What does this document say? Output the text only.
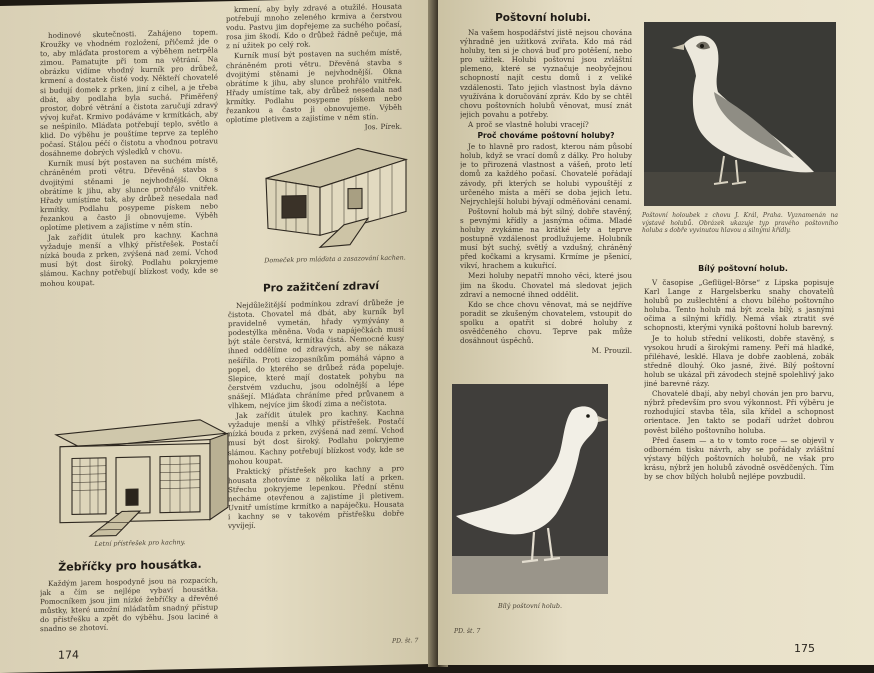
hodinové skutečnosti. Zahájeno topem. Kroužky ve vhodném rozložení, přičemž jde o to, aby mláďata prostorem a výběhem netrpěla zimou. Pamatujte při tom na větrání. Na obrázku vidíme vhodný kurník pro drůbež, krmení a dostatek čisté vody. Někteří chovatelé si budují domek z prken, jiní z cihel, a je třeba dbát, aby podlaha byla suchá. Přiměřený prostor, dobré větrání a čistota zaručují zdravý vývoj kuřat. Krmivo podáváme v krmítkách, aby se nešpinilo. Mláďata potřebují teplo, světlo a klid. Do výběhu je pouštíme teprve za teplého počasí. Stálou péčí o čistotu a vhodnou potravu dosáhneme dobrých výsledků v chovu.

Kurník musí být postaven na suchém místě, chráněném proti větru. Dřevěná stavba s dvojitými stěnami je nejvhodnější. Okna obrátíme k jihu, aby slunce prohřálo vnitřek. Hřady umístíme tak, aby drůbež nesedala nad krmítky. Podlahu posypeme pískem nebo řezankou a často ji obnovujeme. Výběh oplotíme pletivem a zajistíme v něm stín.

Jak zařídit útulek pro kachny. Kachna vyžaduje menší a vlhký přístřešek. Postačí nízká bouda z prken, zvýšená nad zemí. Vchod musí být dost široký. Podlahu pokryjeme slámou. Kachny potřebují blízkost vody, kde se mohou koupat.

Letní přístřešek pro kachny.
Žebříčky pro housátka.

Každým jarem hospodyně jsou na rozpacích, jak a čím se nejlépe vybaví housátka. Pomocníkem jsou jim nízké žebříčky a dřevěné můstky, které umožní mláďatům snadný přístup do přístřešku a zpět do výběhu. Jsou laciné a snadno se zhotoví.

krmení, aby byly zdravé a otužilé. Housata potřebují mnoho zeleného krmiva a čerstvou vodu. Pastvu jim dopřejeme za suchého počasí, rosa jim škodí. Kdo o drůbež řádně pečuje, má z ní užitek po celý rok.

Kurník musí být postaven na suchém místě, chráněném proti větru. Dřevěná stavba s dvojitými stěnami je nejvhodnější. Okna obrátíme k jihu, aby slunce prohřálo vnitřek. Hřady umístíme tak, aby drůbež nesedala nad krmítky. Podlahu posypeme pískem nebo řezankou a často ji obnovujeme. Výběh oplotíme pletivem a zajistíme v něm stín.

Jos. Pírek.
Domeček pro mláďata a zasazování kachen.
Pro zažitčení zdraví

Nejdůležitější podmínkou zdraví drůbeže je čistota. Chovatel má dbát, aby kurník byl pravidelně vymetán, hřady vymývány a podestýlka měněna. Voda v napáječkách musí být stále čerstvá, krmítka čistá. Nemocné kusy ihned oddělíme od zdravých, aby se nákaza nešířila. Proti cizopasníkům pomáhá vápno a popel, do kterého se drůbež ráda popeluje. Slepice, které mají dostatek pohybu na čerstvém vzduchu, jsou odolnější a lépe snášejí. Mláďata chráníme před průvanem a vlhkem, nejvíce jim škodí zima a nečistota.

Jak zařídit útulek pro kachny. Kachna vyžaduje menší a vlhký přístřešek. Postačí nízká bouda z prken, zvýšená nad zemí. Vchod musí být dost široký. Podlahu pokryjeme slámou. Kachny potřebují blízkost vody, kde se mohou koupat.

Praktický přístřešek pro kachny a pro housata zhotovíme z několika latí a prken. Střechu pokryjeme lepenkou. Přední stěnu necháme otevřenou a zajistíme ji pletivem. Uvnitř umístíme krmítko a napáječku. Housata i kachny se v takovém přístřešku dobře vyvíjejí.

174
PD. št. 7
Poštovní holubi.

Na vašem hospodářství jistě nejsou chována výhradně jen užitková zvířata. Kdo má rád holuby, ten si je chová buď pro potěšení, nebo pro užitek. Holubi poštovní jsou zvláštní plemeno, které se vyznačuje neobyčejnou schopností najít cestu domů i z veliké vzdálenosti. Tato jejich vlastnost byla dávno využívána k doručování zpráv. Kdo by se chtěl chovu poštovních holubů věnovat, musí znát jejich povahu a potřeby.

A proč se vlastně holubi vracejí?

Proč chováme poštovní holuby?

Je to hlavně pro radost, kterou nám působí holub, když se vrací domů z dálky. Pro holuby je to přirozená vlastnost a vášeň, proto letí domů za každého počasí. Chovatelé pořádají závody, při kterých se holubi vypouštějí z určeného místa a měří se doba jejich letu. Nejrychlejší holubi bývají odměňováni cenami.

Poštovní holub má být silný, dobře stavěný, s pevnými křídly a jasnýma očima. Mladé holuby zvykáme na krátké lety a teprve postupně vzdálenost prodlužujeme. Holubník musí být suchý, světlý a vzdušný, chráněný před kočkami a krysami. Krmíme je pšenicí, vikví, hrachem a kukuřicí.

Mezi holuby nepatří mnoho věci, které jsou jim na škodu. Chovatel má sledovat jejich zdraví a nemocné ihned oddělit.

Kdo se chce chovu věnovat, má se nejdříve poradit se zkušeným chovatelem, vstoupit do spolku a opatřit si dobré holuby z osvědčeného chovu. Teprve pak může dosáhnout úspěchů.

M. Prouzil.
Poštovní holoubek z chovu J. Král, Praha. Vyznamenán na výstavě holubů. Obrázek ukazuje typ pravého poštovního holuba s dobře vyvinutou hlavou a silnými křídly.
Bílý poštovní holub.
Bílý poštovní holub.

V časopise „Geflügel-Börse“ z Lipska popisuje Karl Lange z Hargelsberku snahy chovatelů holubů po zušlechtění a chovu bílého poštovního holuba. Tento holub má být zcela bílý, s jasnými očima a silnými křídly. Nemá však ztratit své schopnosti, kterými vyniká poštovní holub barevný.

Je to holub střední velikosti, dobře stavěný, s vysokou hrudí a širokými rameny. Peří má hladké, přiléhavé, lesklé. Hlava je dobře zaoblená, zobák středně dlouhý. Oko jasné, živé. Bílý poštovní holub se ukázal při závodech stejně spolehlivý jako jiné barevné rázy.

Chovatelé dbají, aby nebyl chován jen pro barvu, nýbrž především pro svou výkonnost. Při výběru je rozhodující stavba těla, síla křídel a schopnost orientace. Jen takto se podaří udržet dobrou pověst bílého poštovního holuba.

Před časem — a to v tomto roce — se objevil v odborném tisku návrh, aby se pořádaly zvláštní výstavy bílých poštovních holubů, ne však pro krásu, nýbrž jen holubů závodně osvědčených. Tím by se chov bílých holubů nejlépe povzbudil.

PD. št. 7
175
